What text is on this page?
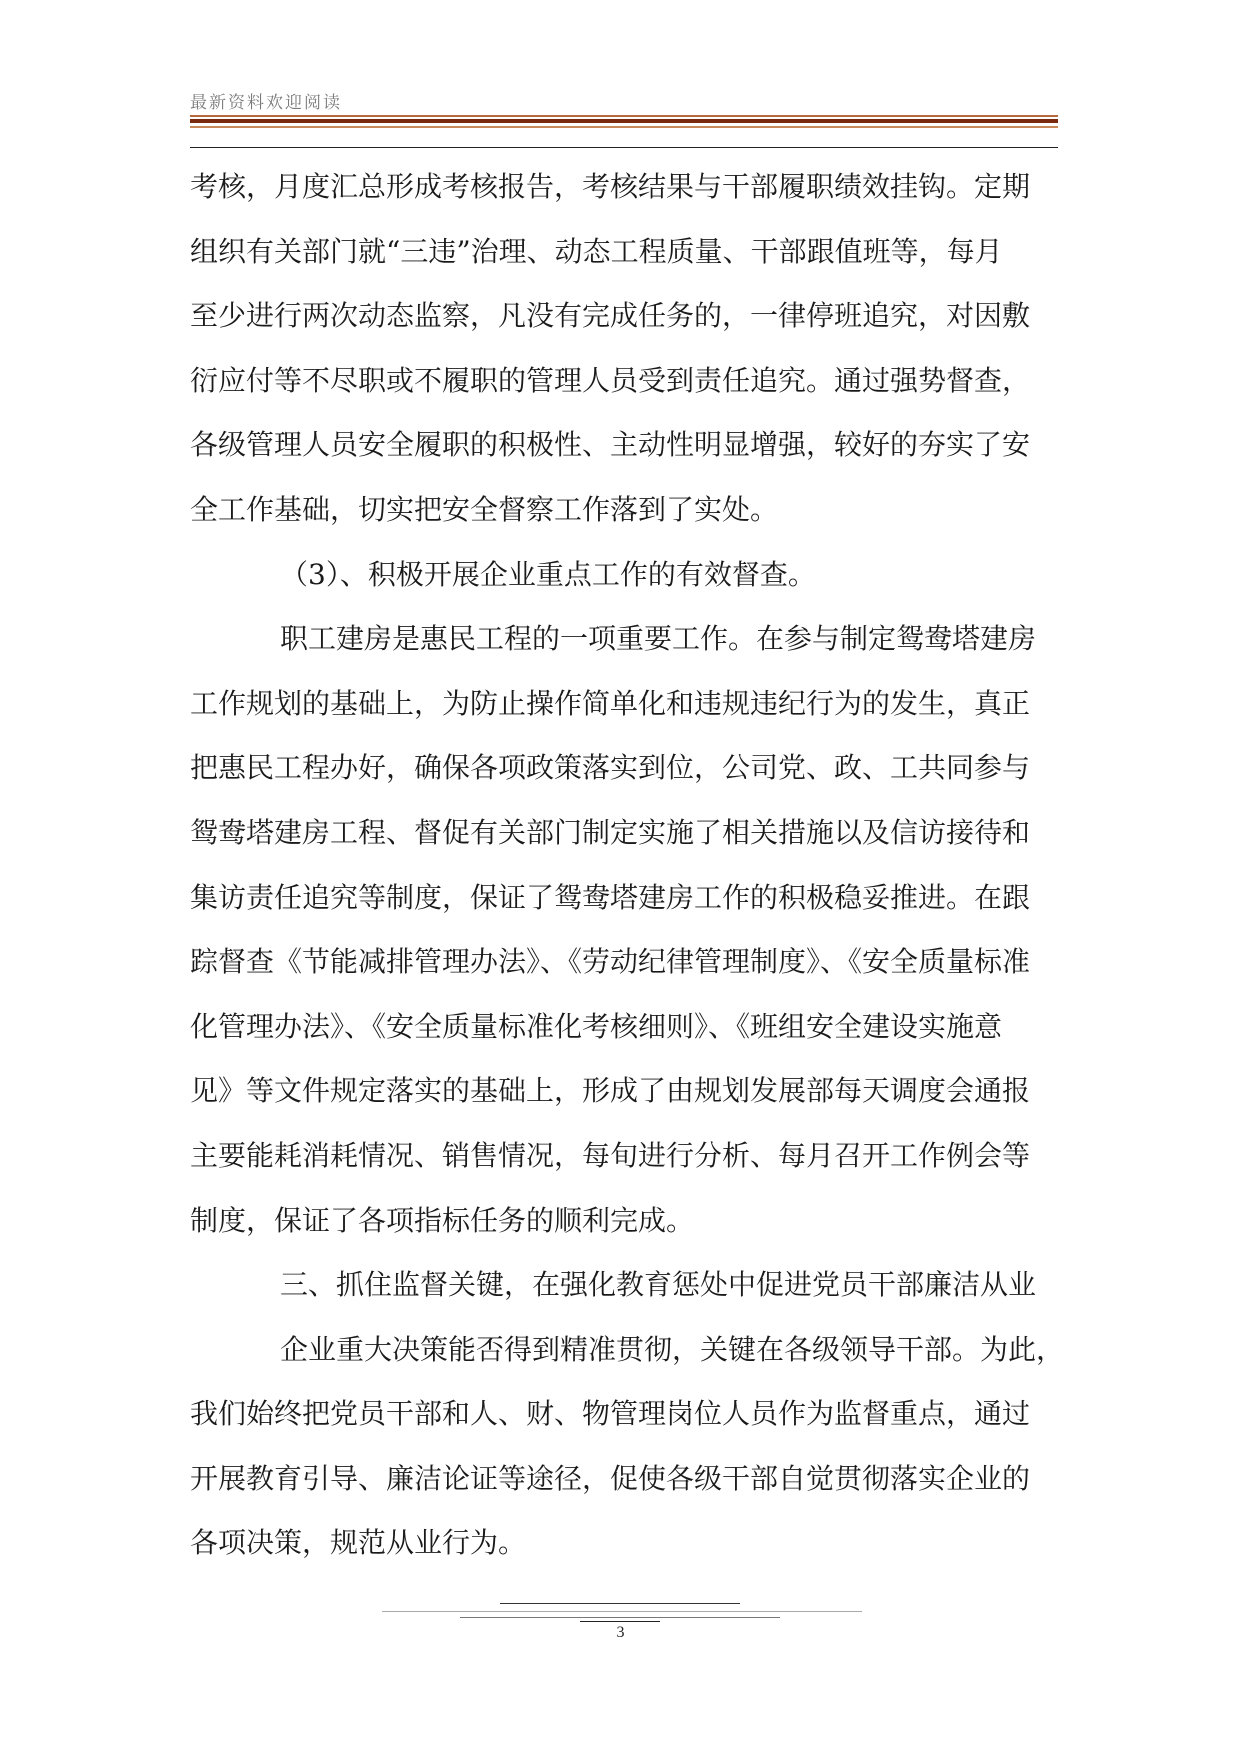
最新资料欢迎阅读
考核，月度汇总形成考核报告，考核结果与干部履职绩效挂钩。定期
组织有关部门就“三违”治理、动态工程质量、干部跟值班等，每月
至少进行两次动态监察，凡没有完成任务的，一律停班追究，对因敷
衍应付等不尽职或不履职的管理人员受到责任追究。通过强势督查，
各级管理人员安全履职的积极性、主动性明显增强，较好的夯实了安
全工作基础，切实把安全督察工作落到了实处。
（3）、积极开展企业重点工作的有效督查。
职工建房是惠民工程的一项重要工作。在参与制定鸳鸯塔建房
工作规划的基础上，为防止操作简单化和违规违纪行为的发生，真正
把惠民工程办好，确保各项政策落实到位，公司党、政、工共同参与
鸳鸯塔建房工程、督促有关部门制定实施了相关措施以及信访接待和
集访责任追究等制度，保证了鸳鸯塔建房工作的积极稳妥推进。在跟
踪督查《节能减排管理办法》、《劳动纪律管理制度》、《安全质量标准
化管理办法》、《安全质量标准化考核细则》、《班组安全建设实施意
见》等文件规定落实的基础上，形成了由规划发展部每天调度会通报
主要能耗消耗情况、销售情况，每旬进行分析、每月召开工作例会等
制度，保证了各项指标任务的顺利完成。
三、抓住监督关键，在强化教育惩处中促进党员干部廉洁从业
企业重大决策能否得到精准贯彻，关键在各级领导干部。为此，
我们始终把党员干部和人、财、物管理岗位人员作为监督重点，通过
开展教育引导、廉洁论证等途径，促使各级干部自觉贯彻落实企业的
各项决策，规范从业行为。
3
